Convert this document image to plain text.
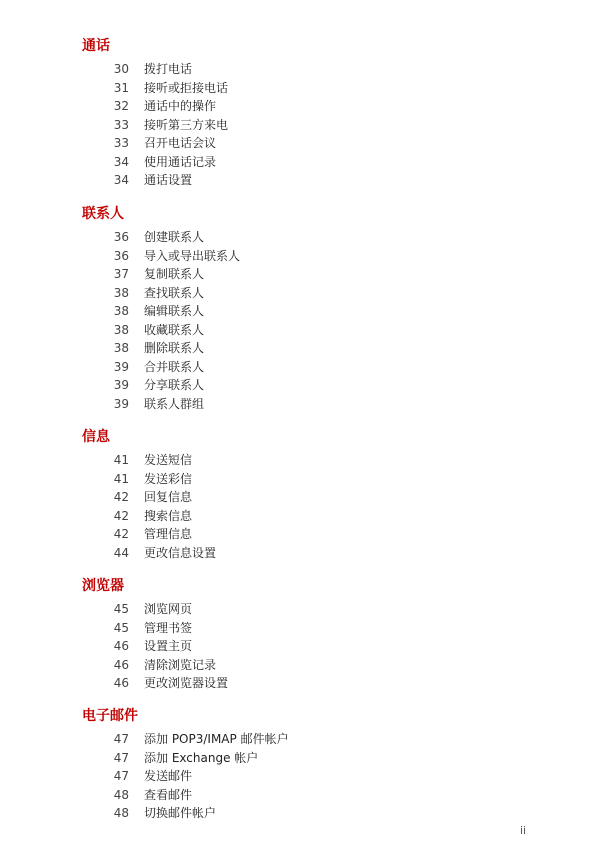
通话
30 拨打电话
31 接听或拒接电话
32 通话中的操作
33 接听第三方来电
33 召开电话会议
34 使用通话记录
34 通话设置
联系人
36 创建联系人
36 导入或导出联系人
37 复制联系人
38 查找联系人
38 编辑联系人
38 收藏联系人
38 删除联系人
39 合并联系人
39 分享联系人
39 联系人群组
信息
41 发送短信
41 发送彩信
42 回复信息
42 搜索信息
42 管理信息
44 更改信息设置
浏览器
45 浏览网页
45 管理书签
46 设置主页
46 清除浏览记录
46 更改浏览器设置
电子邮件
47 添加 POP3/IMAP 邮件帐户
47 添加 Exchange 帐户
47 发送邮件
48 查看邮件
48 切换邮件帐户
ii
